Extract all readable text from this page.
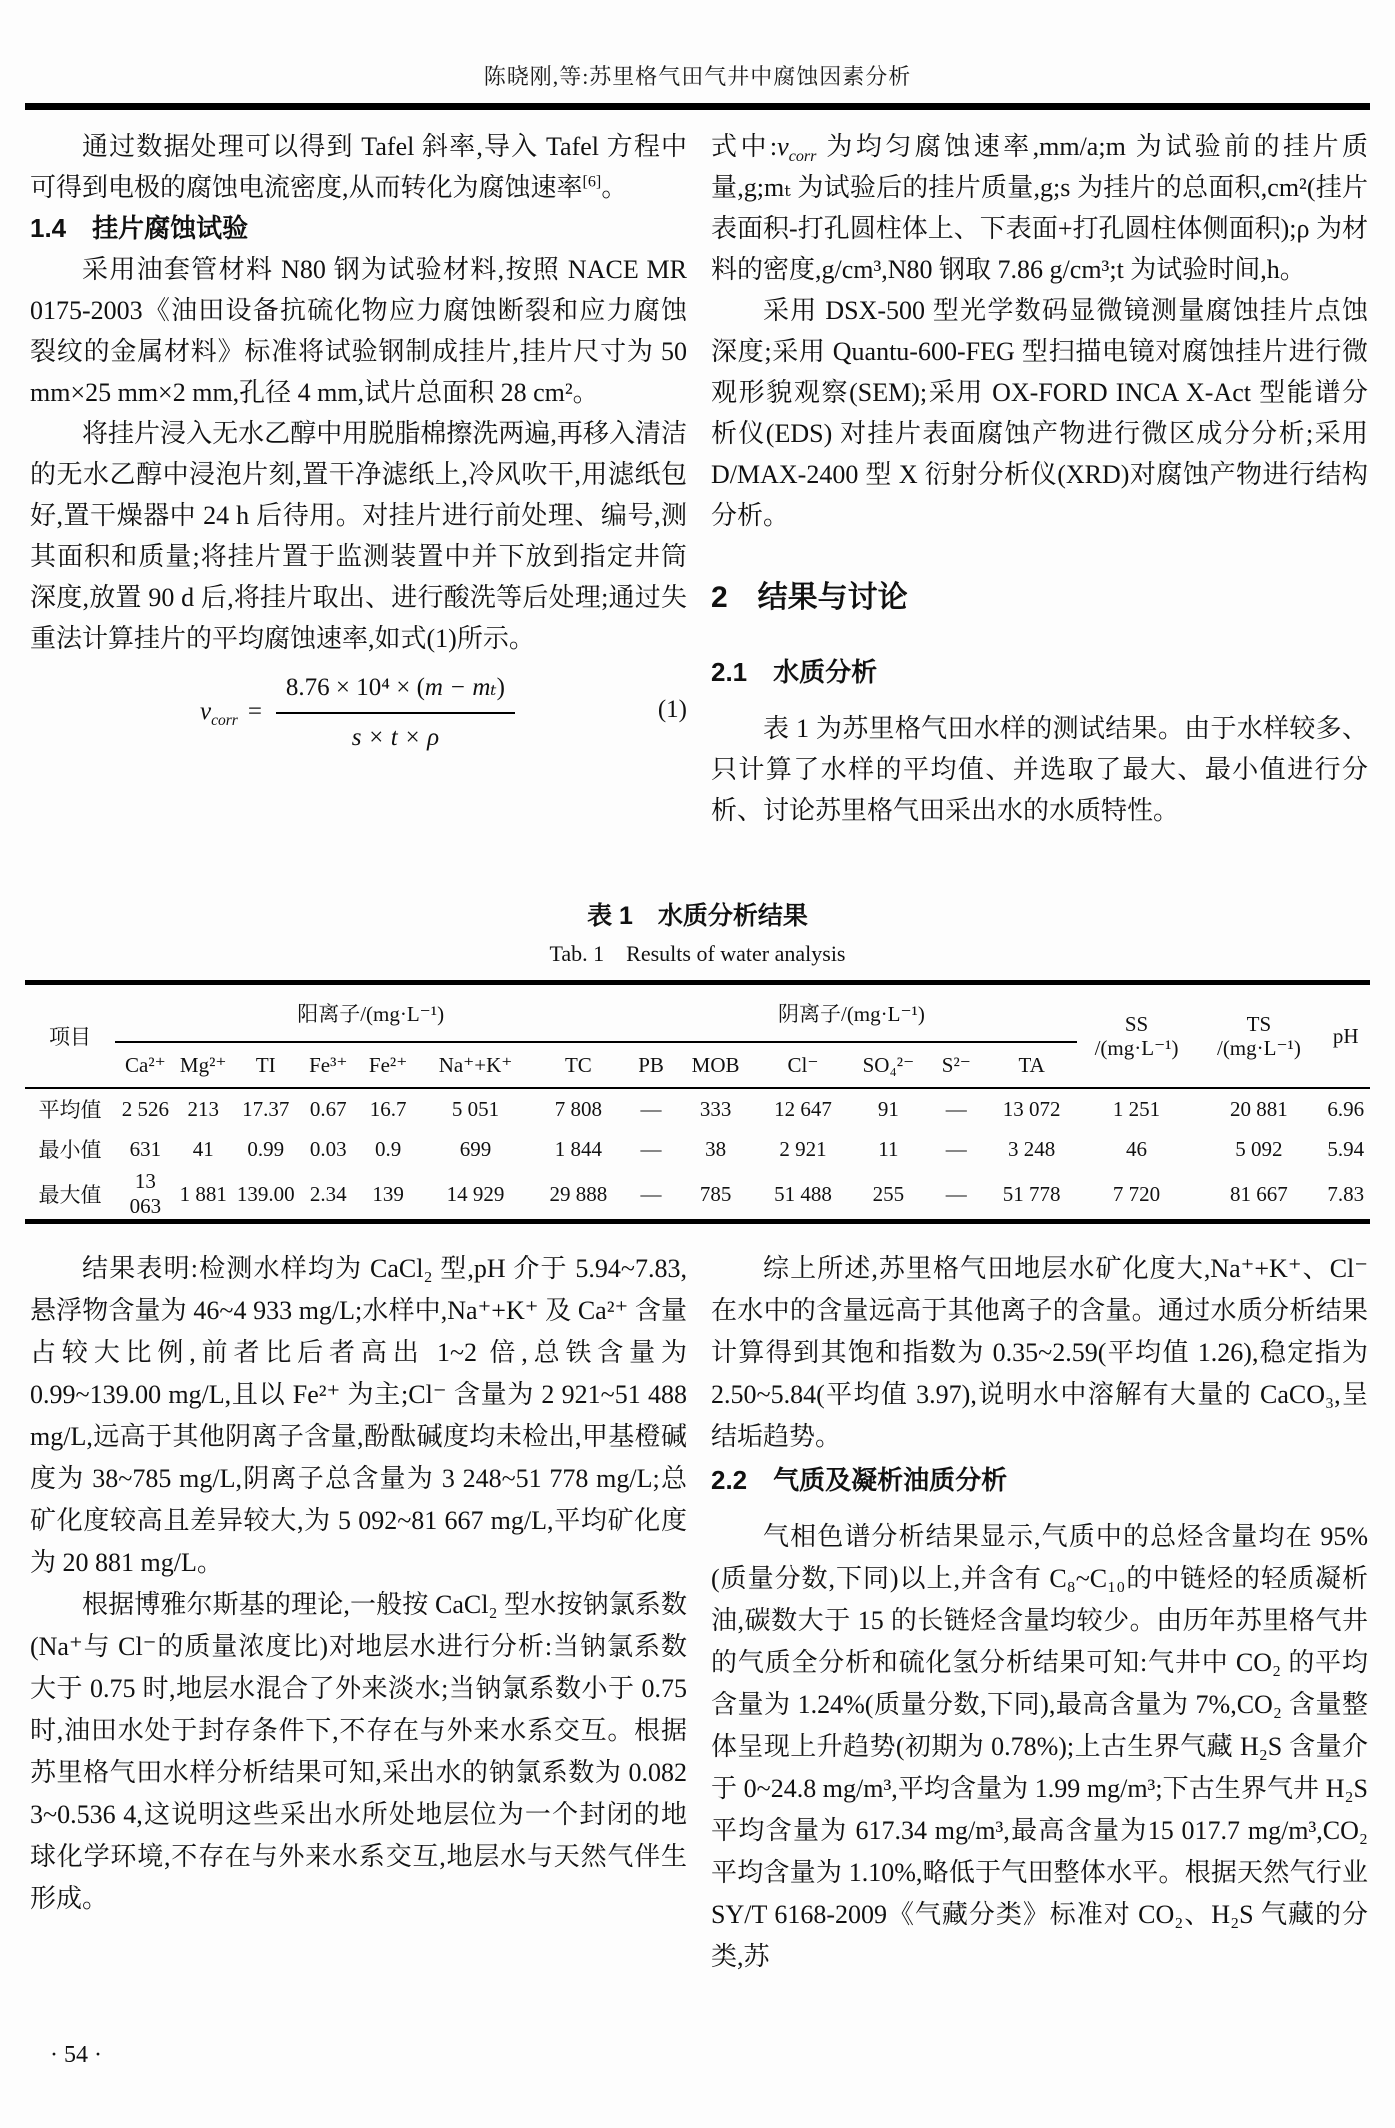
陈晓刚,等:苏里格气田气井中腐蚀因素分析

通过数据处理可以得到 Tafel 斜率,导入 Tafel 方程中可得到电极的腐蚀电流密度,从而转化为腐蚀速率[6]。

1.4　挂片腐蚀试验

采用油套管材料 N80 钢为试验材料,按照 NACE MR 0175-2003《油田设备抗硫化物应力腐蚀断裂和应力腐蚀裂纹的金属材料》标准将试验钢制成挂片,挂片尺寸为 50 mm×25 mm×2 mm,孔径 4 mm,试片总面积 28 cm²。

将挂片浸入无水乙醇中用脱脂棉擦洗两遍,再移入清洁的无水乙醇中浸泡片刻,置干净滤纸上,冷风吹干,用滤纸包好,置干燥器中 24 h 后待用。对挂片进行前处理、编号,测其面积和质量;将挂片置于监测装置中并下放到指定井筒深度,放置 90 d 后,将挂片取出、进行酸洗等后处理;通过失重法计算挂片的平均腐蚀速率,如式(1)所示。

$v_{corr} = \frac{\text{8.76 × 10⁴ × (m − mₜ)}}{s \times t \times \rho}$	(1)

式中$:v_{corr}$ 为均匀腐蚀速率,mm/a;m 为试验前的挂片质量,g;mₜ 为试验后的挂片质量,g;s 为挂片的总面积,cm²(挂片表面积-打孔圆柱体上、下表面+打孔圆柱体侧面积);ρ 为材料的密度,g/cm³,N80 钢取 7.86 g/cm³;t 为试验时间,h。

采用 DSX-500 型光学数码显微镜测量腐蚀挂片点蚀深度;采用 Quantu-600-FEG 型扫描电镜对腐蚀挂片进行微观形貌观察(SEM);采用 OX-FORD INCA X-Act 型能谱分析仪(EDS) 对挂片表面腐蚀产物进行微区成分分析;采用 D/MAX-2400 型 X 衍射分析仪(XRD)对腐蚀产物进行结构分析。

2　结果与讨论
2.1　水质分析

表 1 为苏里格气田水样的测试结果。由于水样较多、只计算了水样的平均值、并选取了最大、最小值进行分析、讨论苏里格气田采出水的水质特性。

表 1　水质分析结果
Tab. 1　Results of water analysis
项目	阳离子/(mg·L⁻¹)							阴离子/(mg·L⁻¹)						SS
/(mg·L⁻¹)	TS
/(mg·L⁻¹)	pH
	Ca²⁺	Mg²⁺	TI	Fe³⁺	Fe²⁺	Na⁺+K⁺	TC	PB	MOB	Cl⁻	SO₄²⁻	S²⁻	TA			
平均值	2 526	213	17.37	0.67	16.7	5 051	7 808	—	333	12 647	91	—	13 072	1 251	20 881	6.96
最小值	631	41	0.99	0.03	0.9	699	1 844	—	38	2 921	11	—	3 248	46	5 092	5.94
最大值	13 063	1 881	139.00	2.34	139	14 929	29 888	—	785	51 488	255	—	51 778	7 720	81 667	7.83

结果表明:检测水样均为 CaCl₂ 型,pH 介于 5.94~7.83,悬浮物含量为 46~4 933 mg/L;水样中,Na⁺+K⁺ 及 Ca²⁺ 含量占较大比例,前者比后者高出 1~2 倍,总铁含量为 0.99~139.00 mg/L,且以 Fe²⁺ 为主;Cl⁻ 含量为 2 921~51 488 mg/L,远高于其他阴离子含量,酚酞碱度均未检出,甲基橙碱度为 38~785 mg/L,阴离子总含量为 3 248~51 778 mg/L;总矿化度较高且差异较大,为 5 092~81 667 mg/L,平均矿化度为 20 881 mg/L。

根据博雅尔斯基的理论,一般按 CaCl₂ 型水按钠氯系数(Na⁺与 Cl⁻的质量浓度比)对地层水进行分析:当钠氯系数大于 0.75 时,地层水混合了外来淡水;当钠氯系数小于 0.75 时,油田水处于封存条件下,不存在与外来水系交互。根据苏里格气田水样分析结果可知,采出水的钠氯系数为 0.082 3~0.536 4,这说明这些采出水所处地层位为一个封闭的地球化学环境,不存在与外来水系交互,地层水与天然气伴生形成。

综上所述,苏里格气田地层水矿化度大,Na⁺+K⁺、Cl⁻在水中的含量远高于其他离子的含量。通过水质分析结果计算得到其饱和指数为 0.35~2.59(平均值 1.26),稳定指为 2.50~5.84(平均值 3.97),说明水中溶解有大量的 CaCO₃,呈结垢趋势。

2.2　气质及凝析油质分析

气相色谱分析结果显示,气质中的总烃含量均在 95%(质量分数,下同)以上,并含有 C₈~C₁₀的中链烃的轻质凝析油,碳数大于 15 的长链烃含量均较少。由历年苏里格气井的气质全分析和硫化氢分析结果可知:气井中 CO₂ 的平均含量为 1.24%(质量分数,下同),最高含量为 7%,CO₂ 含量整体呈现上升趋势(初期为 0.78%);上古生界气藏 H₂S 含量介于 0~24.8 mg/m³,平均含量为 1.99 mg/m³;下古生界气井 H₂S 平均含量为 617.34 mg/m³,最高含量为15 017.7 mg/m³,CO₂ 平均含量为 1.10%,略低于气田整体水平。根据天然气行业 SY/T 6168-2009《气藏分类》标准对 CO₂、H₂S 气藏的分类,苏

· 54 ·
